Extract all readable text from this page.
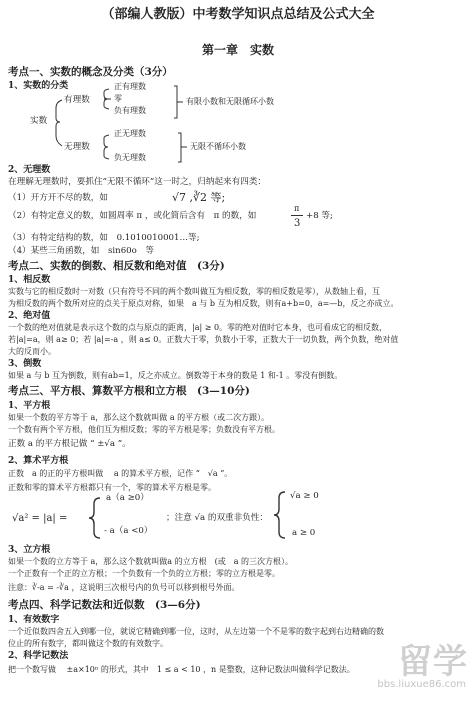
（部编人教版）中考数学知识点总结及公式大全
第一章　实数
考点一、实数的概念及分类（3分）
1、实数的分类
实数
有理数
正有理数
零
负有理数
有限小数和无限循环小数
无理数
正无理数
负无理数
无限不循环小数
2、无理数
在理解无理数时，要抓住“无限不循环”这一时之，归纳起来有四类：
（1）开方开不尽的数，如	√7 ,∛2 等;
（2）有特定意义的数，如圆周率 π ，或化简后含有　π 的数，如
π
3
+8 等;
（3）有特定结构的数，如　0.1010010001…等;
（4）某些三角函数，如　sin60o　等
考点二、实数的倒数、相反数和绝对值　(3分)
1、相反数
实数与它的相反数时一对数（只有符号不同的两个数叫做互为相反数，零的相反数是零），从数轴上看，互
为相反数的两个数所对应的点关于原点对称，如果　a 与 b 互为相反数，则有a+b=0，a=—b，反之亦成立。
2、绝对值
一个数的绝对值就是表示这个数的点与原点的距离，|a| ≥ 0。零的绝对值时它本身，也可看成它的相反数，
若|a|=a，则 a≥ 0；若 |a|=-a ，则 a≤ 0。正数大于零，负数小于零，正数大于一切负数，两个负数，绝对值
大的反而小。
3、倒数
如果 a 与 b 互为倒数，则有ab=1，反之亦成立。倒数等于本身的数是 1 和-1 。零没有倒数。
考点三、平方根、算数平方根和立方根　(3—10分)
1、平方根
如果一个数的平方等于 a，那么这个数就叫做 a 的平方根（或二次方跟）。
一个数有两个平方根，他们互为相反数；零的平方根是零；负数没有平方根。
正数 a 的平方根记做 “ ±√a ”。
2、算术平方根
正数　a 的正的平方根叫做　 a 的算术平方根，记作 “　√a ”。
正数和零的算术平方根都只有一个，零的算术平方根是零。
√a² = |a| =
a（a ≥0）
- a（a <0）
；注意 √a 的双重非负性：
√a ≥ 0
a ≥ 0
3、立方根
如果一个数的立方等于 a，那么这个数就叫做a 的立方根　(或　a 的三次方根）。
一个正数有一个正的立方根；一个负数有一个负的立方根；零的立方根是零。
注意：∛-a = -∛a ，这说明三次根号内的负号可以移到根号外面。
考点四、科学记数法和近似数　(3—6分)
1、有效数字
一个近似数四舍五入到哪一位，就说它精确到哪一位，这时，从左边第一个不是零的数字起到右边精确的数
位止的所有数字，都叫做这个数的有效数字。
2、科学记数法
把一个数写做　 ±a×10ⁿ 的形式，其中　1 ≤ a < 10 ，n 是整数，这种记数法叫做科学记数法。 留学
bbs.liuxue86.com
